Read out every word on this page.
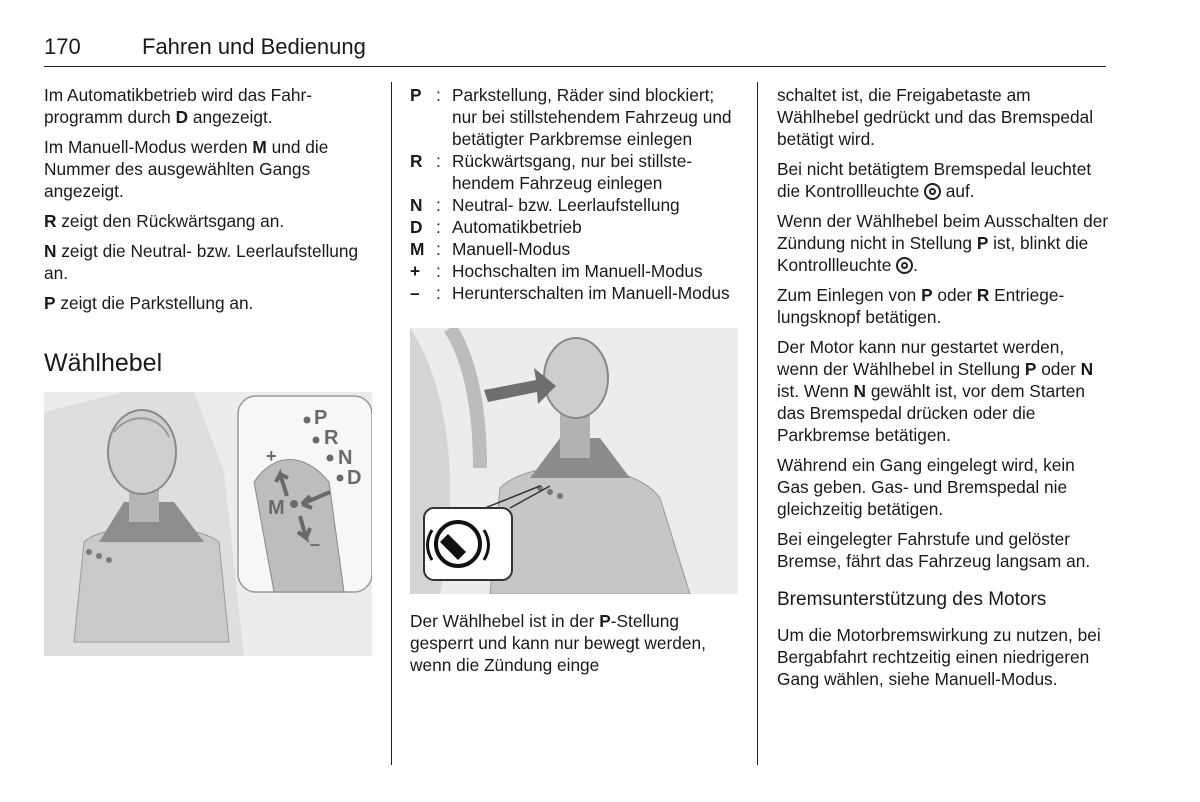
170	Fahren und Bedienung

Im Automatikbetrieb wird das Fahrprogramm durch D angezeigt.

Im Manuell-Modus werden M und die Nummer des ausgewählten Gangs angezeigt.

R zeigt den Rückwärtsgang an.

N zeigt die Neutral- bzw. Leerlaufstellung an.

P zeigt die Parkstellung an.

Wählhebel
P
R
N
D
M
+
–
P : Parkstellung, Räder sind blockiert; nur bei stillstehendem Fahrzeug und betätigter Parkbremse einlegen
R : Rückwärtsgang, nur bei stillstehendem Fahrzeug einlegen
N : Neutral- bzw. Leerlaufstellung
D : Automatikbetrieb
M : Manuell-Modus
+ : Hochschalten im Manuell-Modus
– : Herunterschalten im Manuell-Modus

Der Wählhebel ist in der P-Stellung gesperrt und kann nur bewegt werden, wenn die Zündung einge

schaltet ist, die Freigabetaste am Wählhebel gedrückt und das Bremspedal betätigt wird.

Bei nicht betätigtem Bremspedal leuchtet die Kontrollleuchte
auf.

Wenn der Wählhebel beim Ausschalten der Zündung nicht in Stellung P ist, blinkt die Kontrollleuchte
.

Zum Einlegen von P oder R Entriegelungsknopf betätigen.

Der Motor kann nur gestartet werden, wenn der Wählhebel in Stellung P oder N ist. Wenn N gewählt ist, vor dem Starten das Bremspedal drücken oder die Parkbremse betätigen.

Während ein Gang eingelegt wird, kein Gas geben. Gas- und Bremspedal nie gleichzeitig betätigen.

Bei eingelegter Fahrstufe und gelöster Bremse, fährt das Fahrzeug langsam an.

Bremsunterstützung des Motors

Um die Motorbremswirkung zu nutzen, bei Bergabfahrt rechtzeitig einen niedrigeren Gang wählen, siehe Manuell-Modus.
